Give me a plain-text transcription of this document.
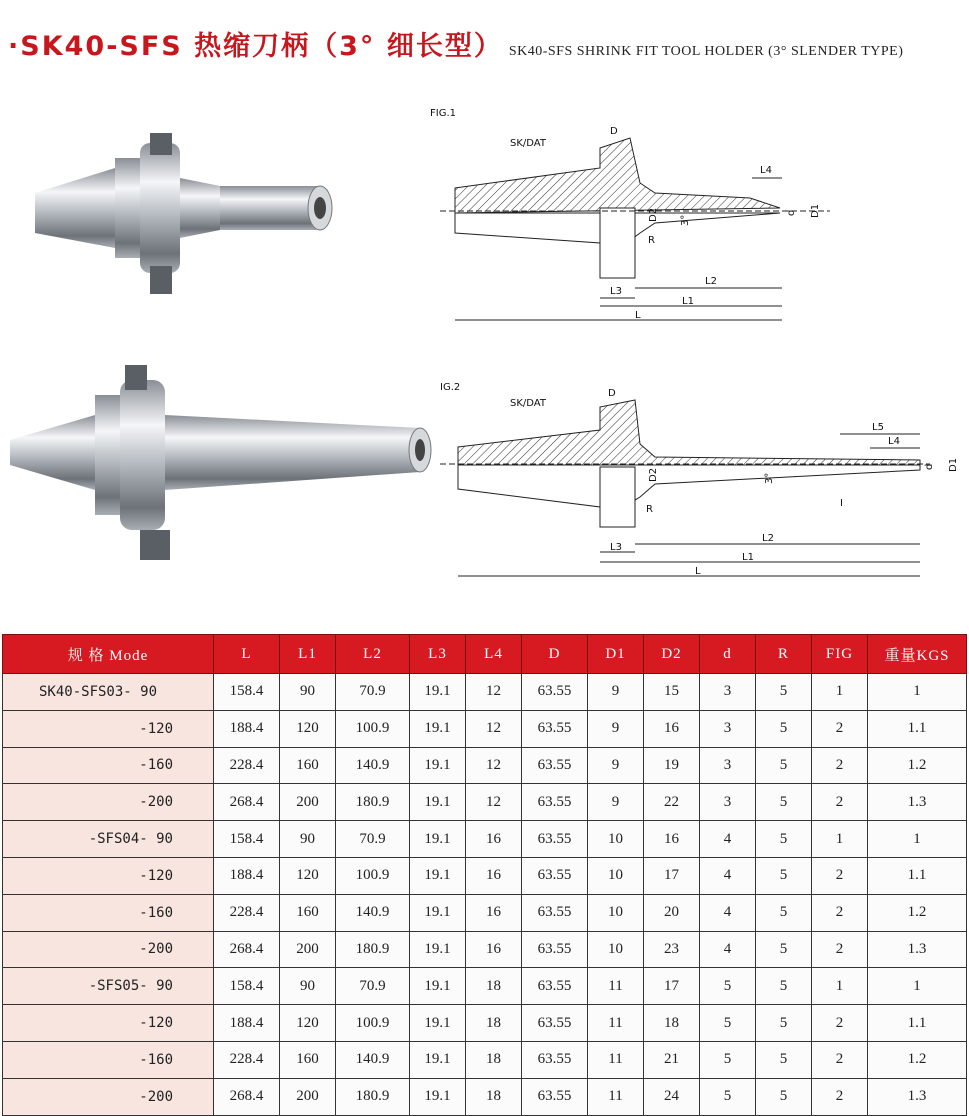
·SK40-SFS 热缩刀柄（3° 细长型） SK40-SFS SHRINK FIT TOOL HOLDER (3° SLENDER TYPE)
FIG.1
SK/DAT
D
L4
d D1
D2 3°
R
L3
L2
L1
L
IG.2
SK/DAT
D
L5
L4
d D1
D2	3°
R
I
L3
L2
L1
L
规 格 Mode	L	L1	L2	L3	L4	D	D1	D2	d	R	FIG	重量KGS
SK40-SFS03- 90	158.4	90	70.9	19.1	12	63.55	9	15	3	5	1	1
-120	188.4	120	100.9	19.1	12	63.55	9	16	3	5	2	1.1
-160	228.4	160	140.9	19.1	12	63.55	9	19	3	5	2	1.2
-200	268.4	200	180.9	19.1	12	63.55	9	22	3	5	2	1.3
-SFS04- 90	158.4	90	70.9	19.1	16	63.55	10	16	4	5	1	1
-120	188.4	120	100.9	19.1	16	63.55	10	17	4	5	2	1.1
-160	228.4	160	140.9	19.1	16	63.55	10	20	4	5	2	1.2
-200	268.4	200	180.9	19.1	16	63.55	10	23	4	5	2	1.3
-SFS05- 90	158.4	90	70.9	19.1	18	63.55	11	17	5	5	1	1
-120	188.4	120	100.9	19.1	18	63.55	11	18	5	5	2	1.1
-160	228.4	160	140.9	19.1	18	63.55	11	21	5	5	2	1.2
-200	268.4	200	180.9	19.1	18	63.55	11	24	5	5	2	1.3
